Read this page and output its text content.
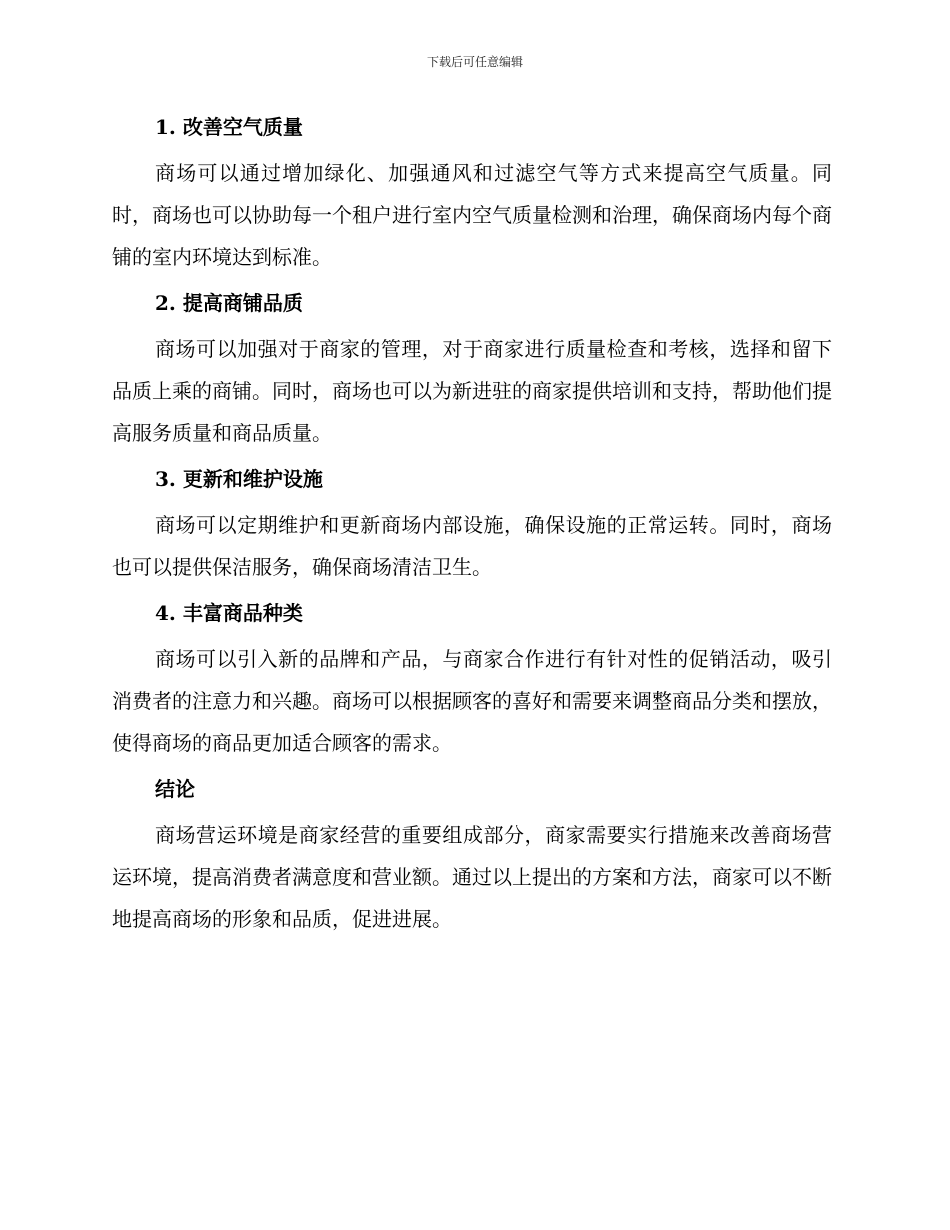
下载后可任意编辑
1. 改善空气质量

商场可以通过增加绿化、加强通风和过滤空气等方式来提高空气质量。同时，商场也可以协助每一个租户进行室内空气质量检测和治理，确保商场内每个商铺的室内环境达到标准。

2. 提高商铺品质

商场可以加强对于商家的管理，对于商家进行质量检查和考核，选择和留下品质上乘的商铺。同时，商场也可以为新进驻的商家提供培训和支持，帮助他们提高服务质量和商品质量。

3. 更新和维护设施

商场可以定期维护和更新商场内部设施，确保设施的正常运转。同时，商场也可以提供保洁服务，确保商场清洁卫生。

4. 丰富商品种类

商场可以引入新的品牌和产品，与商家合作进行有针对性的促销活动，吸引消费者的注意力和兴趣。商场可以根据顾客的喜好和需要来调整商品分类和摆放，使得商场的商品更加适合顾客的需求。

结论

商场营运环境是商家经营的重要组成部分，商家需要实行措施来改善商场营运环境，提高消费者满意度和营业额。通过以上提出的方案和方法，商家可以不断地提高商场的形象和品质，促进进展。
